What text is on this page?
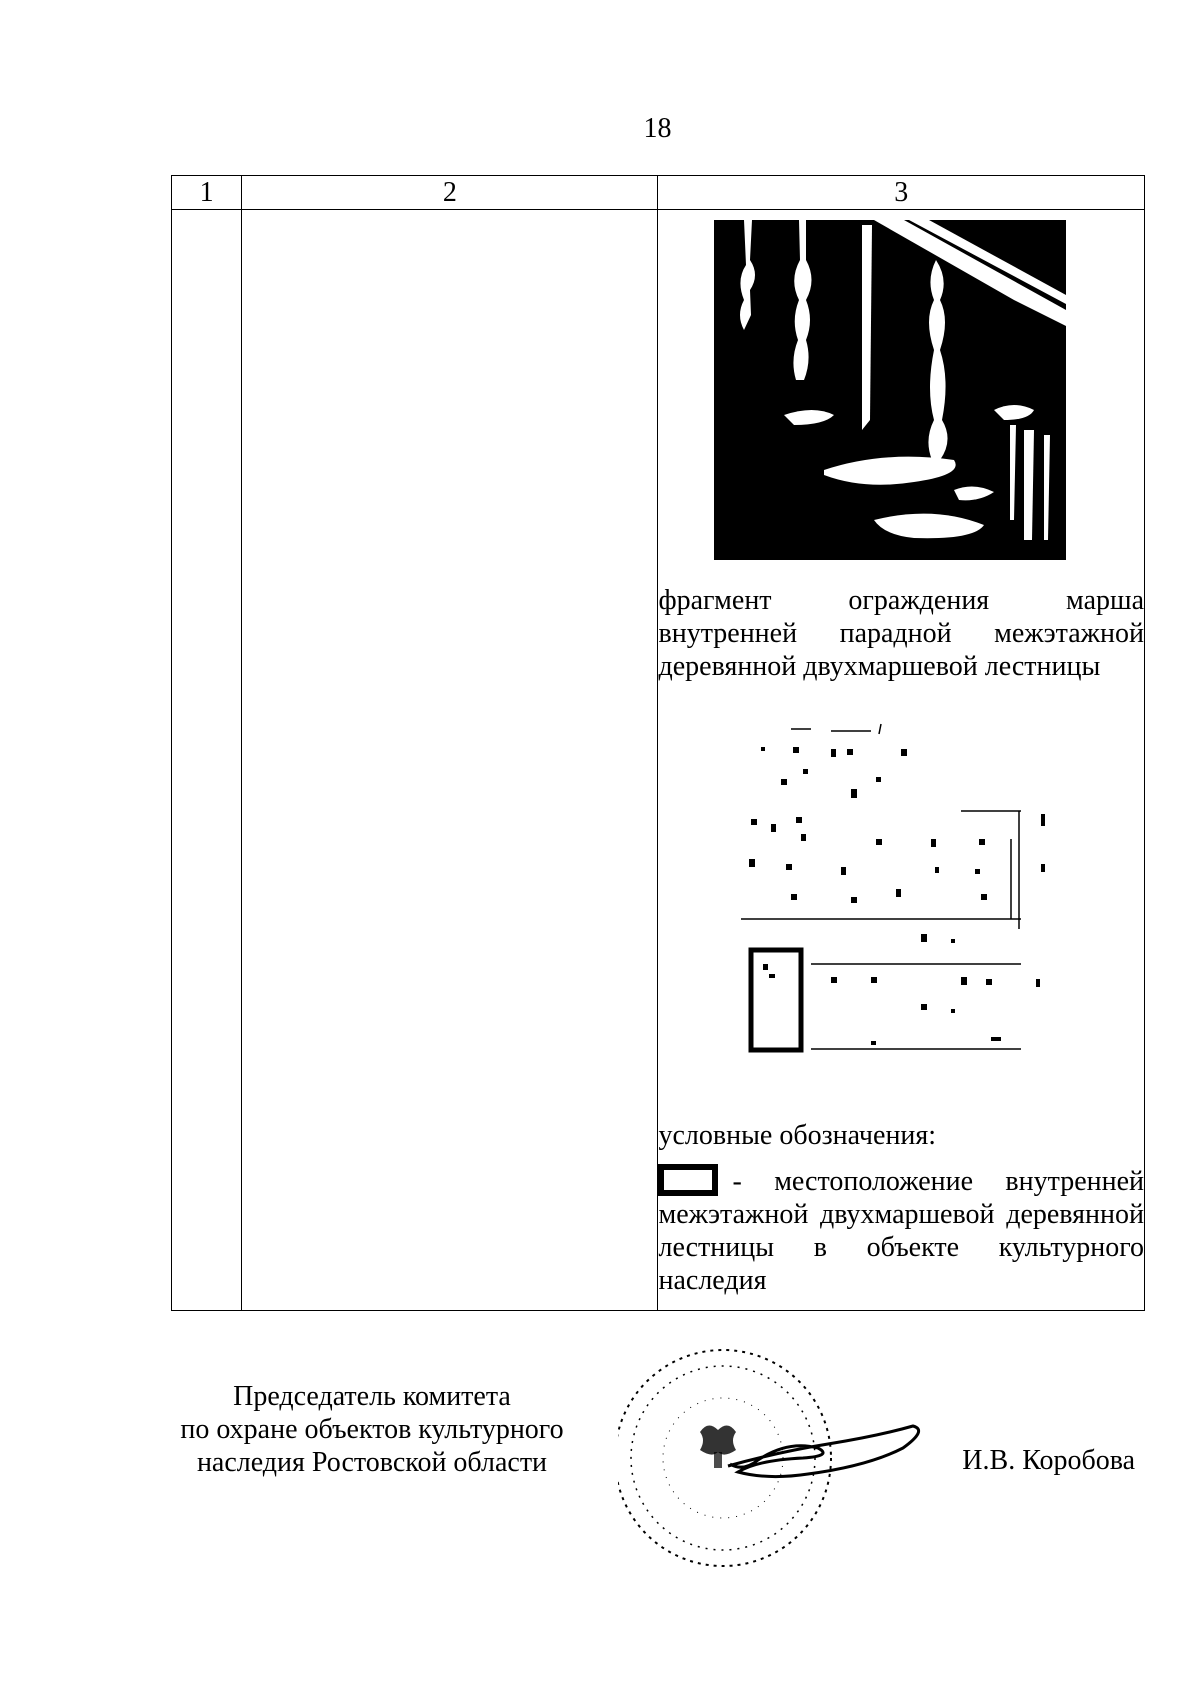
18
1	2	3

		фрагмент ограждения марша внутренней парадной межэтажной деревянной двухмаршевой лестницы
условные обозначения:
- местоположение внутренней межэтажной двухмаршевой деревянной лестницы в объекте культурного наследия
Председатель комитета
по охране объектов культурного
наследия Ростовской области	И.В. Коробова
